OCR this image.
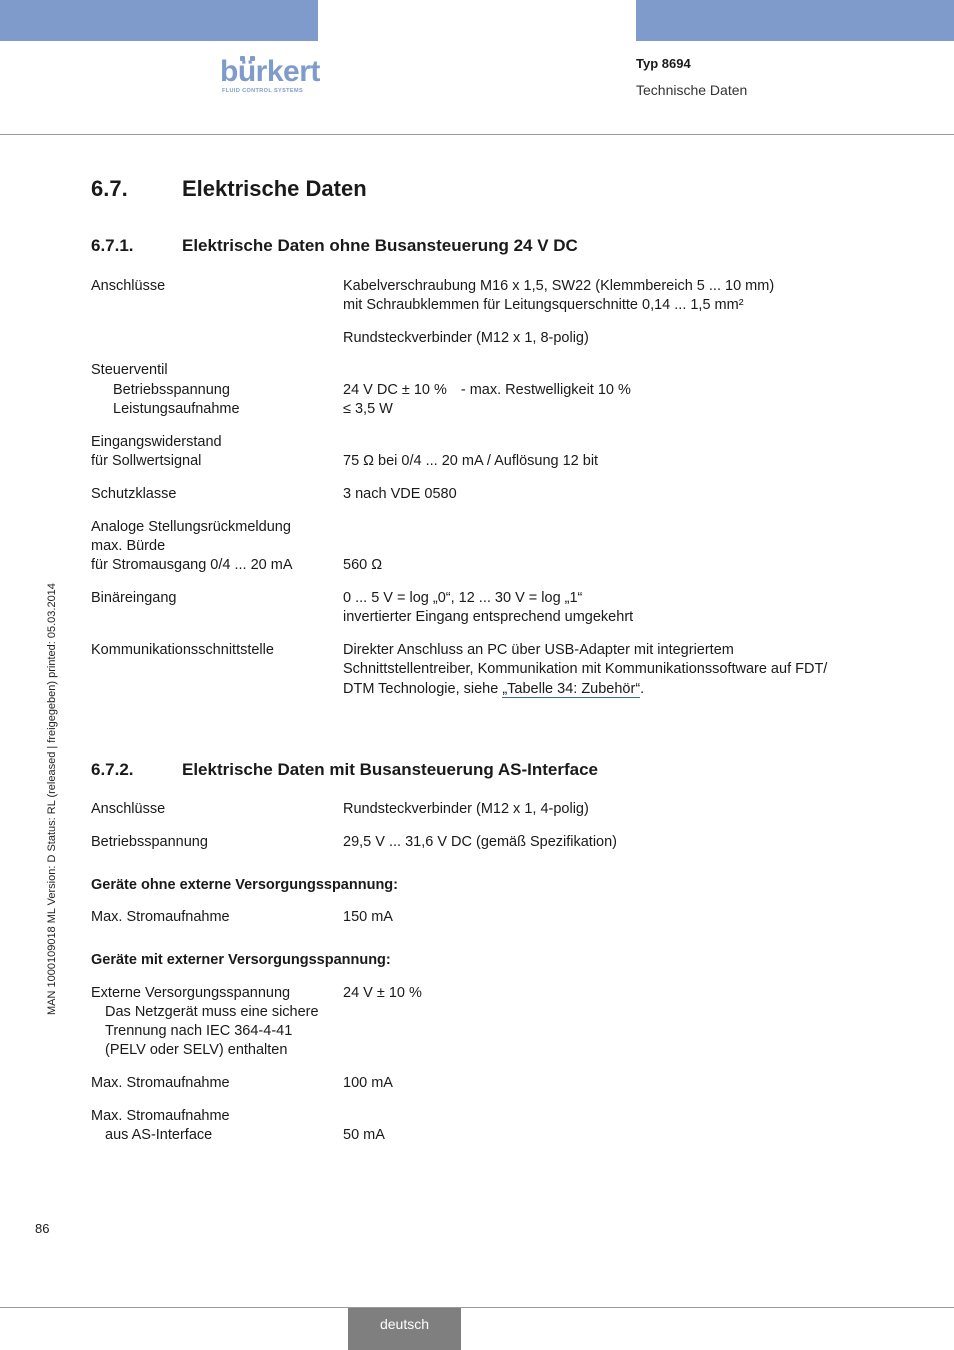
bürkert
FLUID CONTROL SYSTEMS
Typ 8694
Technische Daten
6.7. Elektrische Daten
6.7.1.	Elektrische Daten ohne Busansteuerung 24 V DC
Anschlüsse	Kabelverschraubung M16 x 1,5, SW22 (Klemmbereich 5 ... 10 mm)
mit Schraubklemmen für Leitungsquerschnitte 0,14 ... 1,5 mm²
Rundsteckverbinder (M12 x 1, 8-polig)
Steuerventil
Betriebsspannung	24 V DC ± 10 % - max. Restwelligkeit 10 %
Leistungsaufnahme	≤ 3,5 W
Eingangswiderstand
für Sollwertsignal	75 Ω bei 0/4 ... 20 mA / Auflösung 12 bit
Schutzklasse	3 nach VDE 0580
Analoge Stellungsrückmeldung
max. Bürde
für Stromausgang 0/4 ... 20 mA	560 Ω
Binäreingang	0 ... 5 V = log „0“, 12 ... 30 V = log „1“
invertierter Eingang entsprechend umgekehrt
Kommunikationsschnittstelle	Direkter Anschluss an PC über USB-Adapter mit integriertem
Schnittstellentreiber, Kommunikation mit Kommunikationssoftware auf FDT/
DTM Technologie, siehe „Tabelle 34: Zubehör“.
6.7.2.	Elektrische Daten mit Busansteuerung AS-Interface
Anschlüsse	Rundsteckverbinder (M12 x 1, 4-polig)
Betriebsspannung	29,5 V ... 31,6 V DC (gemäß Spezifikation)
Geräte ohne externe Versorgungsspannung:
Max. Stromaufnahme	150 mA
Geräte mit externer Versorgungsspannung:
Externe Versorgungsspannung	24 V ± 10 %
Das Netzgerät muss eine sichere
Trennung nach IEC 364-4-41
(PELV oder SELV) enthalten
Max. Stromaufnahme	100 mA
Max. Stromaufnahme
aus AS-Interface	50 mA
MAN 1000109018 ML Version: D Status: RL (released | freigegeben) printed: 05.03.2014
86
deutsch
